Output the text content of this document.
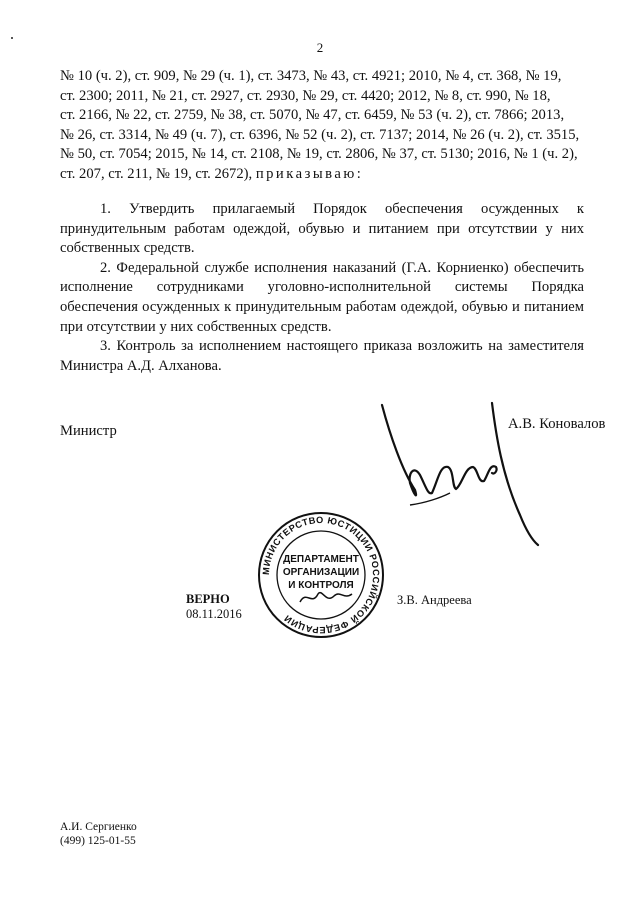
2
№ 10 (ч. 2), ст. 909, № 29 (ч. 1), ст. 3473, № 43, ст. 4921; 2010, № 4, ст. 368, № 19,
ст. 2300; 2011, № 21, ст. 2927, ст. 2930, № 29, ст. 4420; 2012, № 8, ст. 990, № 18,
ст. 2166, № 22, ст. 2759, № 38, ст. 5070, № 47, ст. 6459, № 53 (ч. 2), ст. 7866; 2013,
№ 26, ст. 3314, № 49 (ч. 7), ст. 6396, № 52 (ч. 2), ст. 7137; 2014, № 26 (ч. 2), ст. 3515,
№ 50, ст. 7054; 2015, № 14, ст. 2108, № 19, ст. 2806, № 37, ст. 5130; 2016, № 1 (ч. 2),
ст. 207, ст. 211, № 19, ст. 2672), приказываю:

1. Утвердить прилагаемый Порядок обеспечения осужденных к принудительным работам одеждой, обувью и питанием при отсутствии у них собственных средств.

2. Федеральной службе исполнения наказаний (Г.А. Корниенко) обеспечить исполнение сотрудниками уголовно-исполнительной системы Порядка обеспечения осужденных к принудительным работам одеждой, обувью и питанием при отсутствии у них собственных средств.

3. Контроль за исполнением настоящего приказа возложить на заместителя Министра А.Д. Алханова.

Министр	А.В. Коновалов
ВЕРНО
08.11.2016
МИНИСТЕРСТВО ЮСТИЦИИ РОССИЙСКОЙ ФЕДЕРАЦИИ
ДЕПАРТАМЕНТ
ОРГАНИЗАЦИИ
И КОНТРОЛЯ
З.В. Андреева
А.И. Сергиенко
(499) 125-01-55
